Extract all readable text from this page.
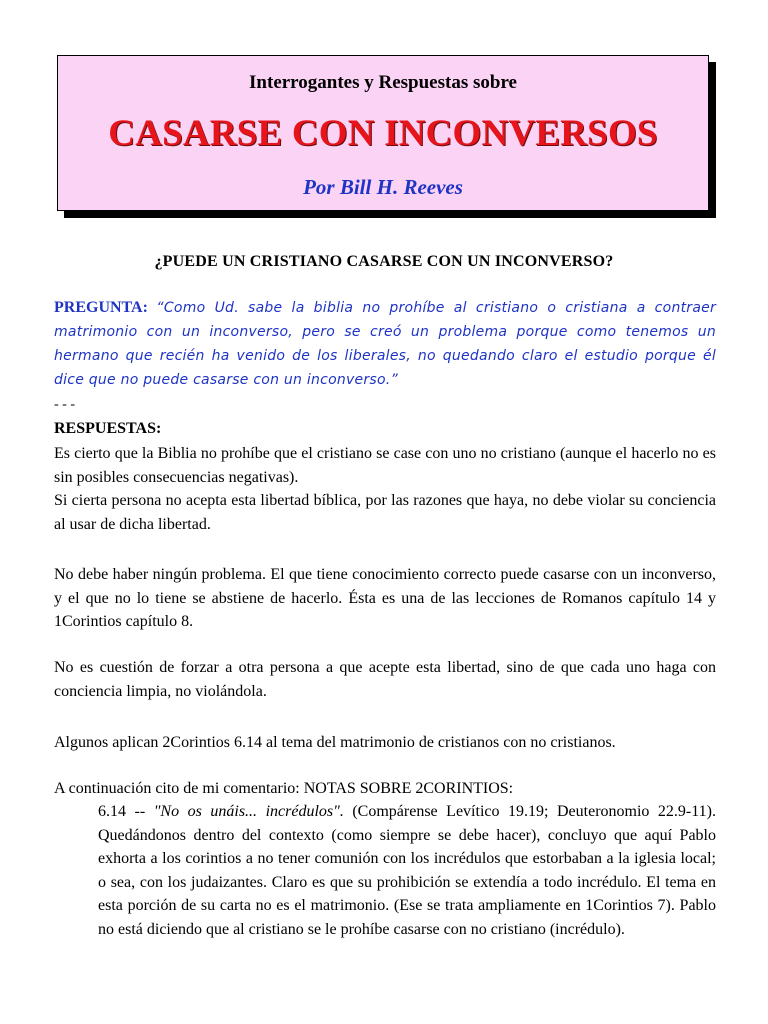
Interrogantes y Respuestas sobre
CASARSE CON INCONVERSOS
Por Bill H. Reeves
¿PUEDE UN CRISTIANO CASARSE CON UN INCONVERSO?
PREGUNTA: “Como Ud. sabe la biblia no prohíbe al cristiano o cristiana a contraer matrimonio con un inconverso, pero se creó un problema porque como tenemos un hermano que recién ha venido de los liberales, no quedando claro el estudio porque él dice que no puede casarse con un inconverso.”
- - -
RESPUESTAS:

Es cierto que la Biblia no prohíbe que el cristiano se case con uno no cristiano (aunque el hacerlo no es sin posibles consecuencias negativas).

Si cierta persona no acepta esta libertad bíblica, por las razones que haya, no debe violar su conciencia al usar de dicha libertad.

No debe haber ningún problema. El que tiene conocimiento correcto puede casarse con un inconverso, y el que no lo tiene se abstiene de hacerlo. Ésta es una de las lecciones de Romanos capítulo 14 y 1Corintios capítulo 8.

No es cuestión de forzar a otra persona a que acepte esta libertad, sino de que cada uno haga con conciencia limpia, no violándola.

Algunos aplican 2Corintios 6.14 al tema del matrimonio de cristianos con no cristianos.

A continuación cito de mi comentario: NOTAS SOBRE 2CORINTIOS:

6.14 -- "No os unáis... incrédulos". (Compárense Levítico 19.19; Deuteronomio 22.9-11). Quedándonos dentro del contexto (como siempre se debe hacer), concluyo que aquí Pablo exhorta a los corintios a no tener comunión con los incrédulos que estorbaban a la iglesia local; o sea, con los judaizantes. Claro es que su prohibición se extendía a todo incrédulo. El tema en esta porción de su carta no es el matrimonio. (Ese se trata ampliamente en 1Corintios 7). Pablo no está diciendo que al cristiano se le prohíbe casarse con no cristiano (incrédulo).
